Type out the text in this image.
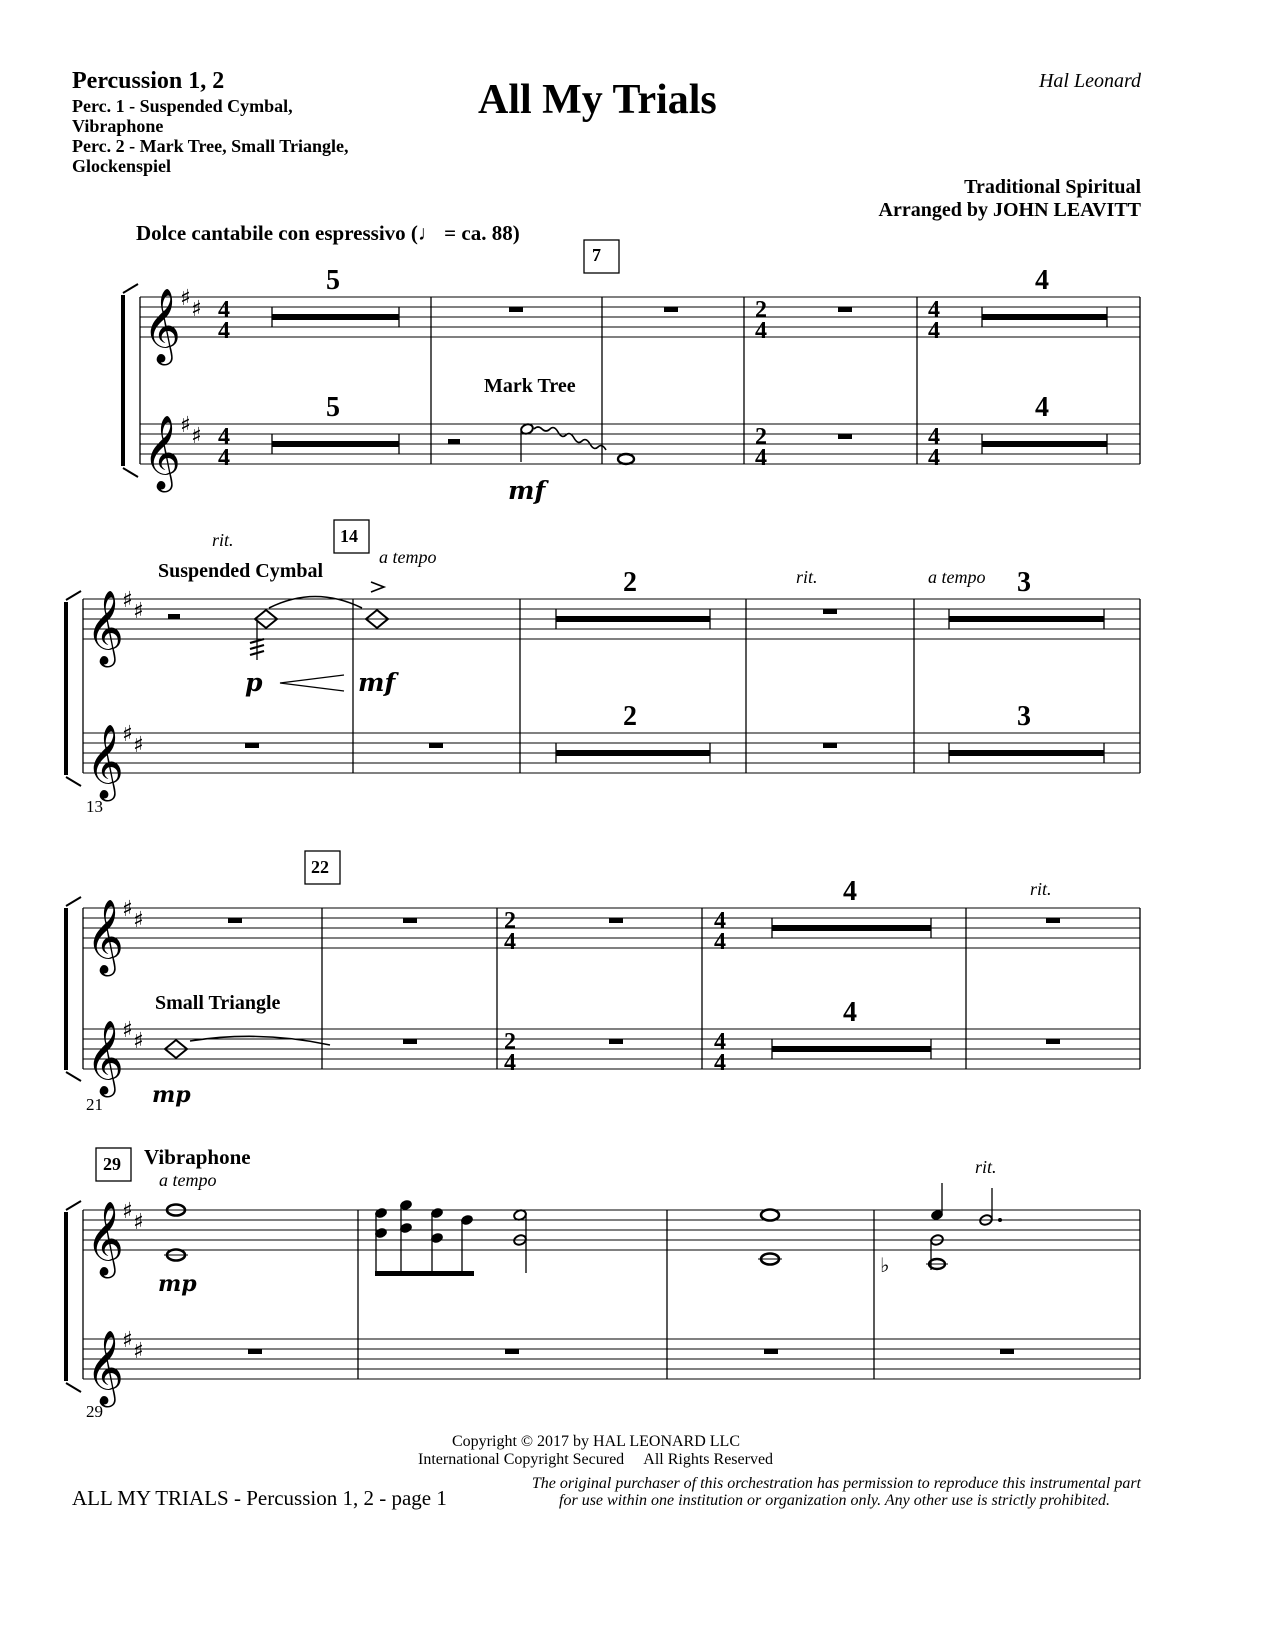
Percussion 1, 2
Perc. 1 - Suspended Cymbal,
Vibraphone
Perc. 2 - Mark Tree, Small Triangle,
Glockenspiel
All My Trials	Hal Leonard
Traditional Spiritual
Arranged by JOHN LEAVITT
Dolce cantabile con espressivo (♩ = ca. 88)
𝄞
𝄞
𝄞
𝄞
𝄞
𝄞
𝄞
𝄞
♯ ♯
♯ ♯
♯ ♯
♯ ♯
♯ ♯
♯ ♯
♯ ♯
♯ ♯
♭
4
4
4
4
2
4
2
4
4
4
4
4
2
4
2
4
4
4
4
4
7
14
22
29
5
5
4
4
2
2
3
3
4
4
Mark Tree
Suspended Cymbal
Small Triangle
Vibraphone
rit.
a tempo
rit.	a tempo
rit.
a tempo
rit.
mf
p	mf
mp
mp
13
21
29
Copyright © 2017 by HAL LEONARD LLC
International Copyright Secured     All Rights Reserved
ALL MY TRIALS - Percussion 1, 2 - page 1
The original purchaser of this orchestration has permission to reproduce this instrumental part
for use within one institution or organization only. Any other use is strictly prohibited.
